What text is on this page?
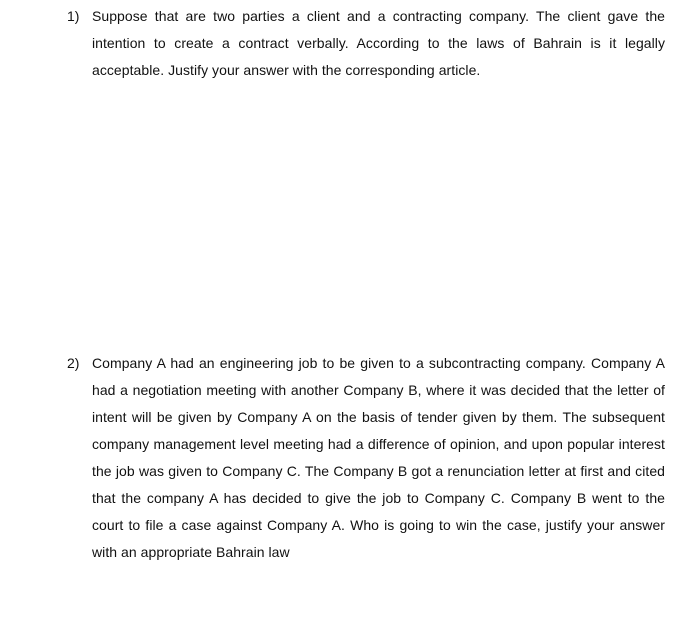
1) Suppose that are two parties a client and a contracting company. The client gave the intention to create a contract verbally. According to the laws of Bahrain is it legally acceptable. Justify your answer with the corresponding article.
2) Company A had an engineering job to be given to a subcontracting company. Company A had a negotiation meeting with another Company B, where it was decided that the letter of intent will be given by Company A on the basis of tender given by them. The subsequent company management level meeting had a difference of opinion, and upon popular interest the job was given to Company C. The Company B got a renunciation letter at first and cited that the company A has decided to give the job to Company C. Company B went to the court to file a case against Company A. Who is going to win the case, justify your answer with an appropriate Bahrain law
